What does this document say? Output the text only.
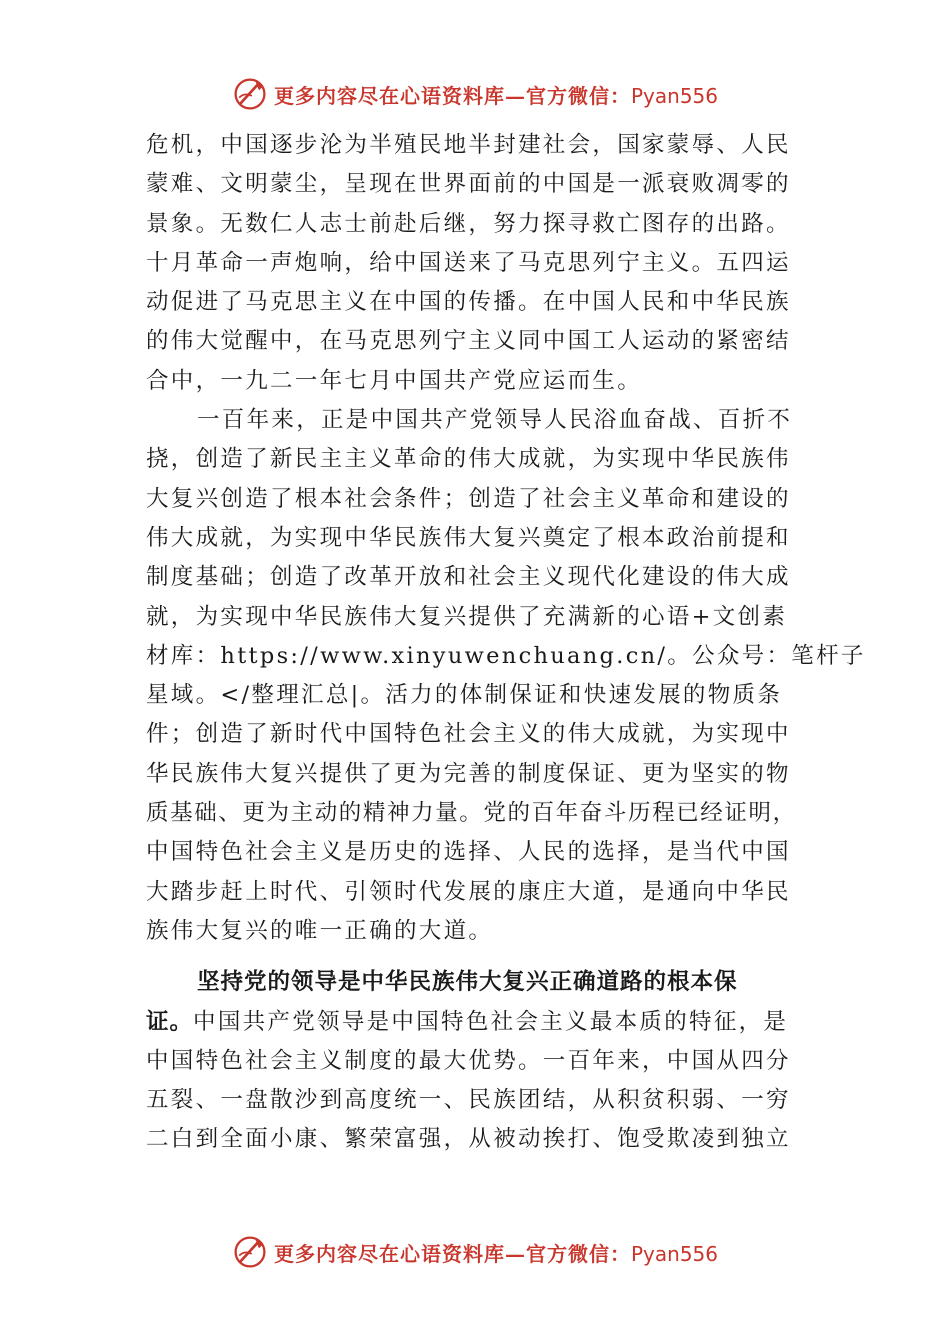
更多内容尽在心语资料库—官方微信：Pyan556
危机，中国逐步沦为半殖民地半封建社会，国家蒙辱、人民
蒙难、文明蒙尘，呈现在世界面前的中国是一派衰败凋零的
景象。无数仁人志士前赴后继，努力探寻救亡图存的出路。
十月革命一声炮响，给中国送来了马克思列宁主义。五四运
动促进了马克思主义在中国的传播。在中国人民和中华民族
的伟大觉醒中，在马克思列宁主义同中国工人运动的紧密结
合中，一九二一年七月中国共产党应运而生。
一百年来，正是中国共产党领导人民浴血奋战、百折不
挠，创造了新民主主义革命的伟大成就，为实现中华民族伟
大复兴创造了根本社会条件；创造了社会主义革命和建设的
伟大成就，为实现中华民族伟大复兴奠定了根本政治前提和
制度基础；创造了改革开放和社会主义现代化建设的伟大成
就，为实现中华民族伟大复兴提供了充满新的心语+文创素
材库：https://www.xinyuwenchuang.cn/。公众号：笔杆子
星域。</整理汇总|。活力的体制保证和快速发展的物质条
件；创造了新时代中国特色社会主义的伟大成就，为实现中
华民族伟大复兴提供了更为完善的制度保证、更为坚实的物
质基础、更为主动的精神力量。党的百年奋斗历程已经证明，
中国特色社会主义是历史的选择、人民的选择，是当代中国
大踏步赶上时代、引领时代发展的康庄大道，是通向中华民
族伟大复兴的唯一正确的大道。
坚持党的领导是中华民族伟大复兴正确道路的根本保
证。中国共产党领导是中国特色社会主义最本质的特征，是
中国特色社会主义制度的最大优势。一百年来，中国从四分
五裂、一盘散沙到高度统一、民族团结，从积贫积弱、一穷
二白到全面小康、繁荣富强，从被动挨打、饱受欺凌到独立
更多内容尽在心语资料库—官方微信：Pyan556
